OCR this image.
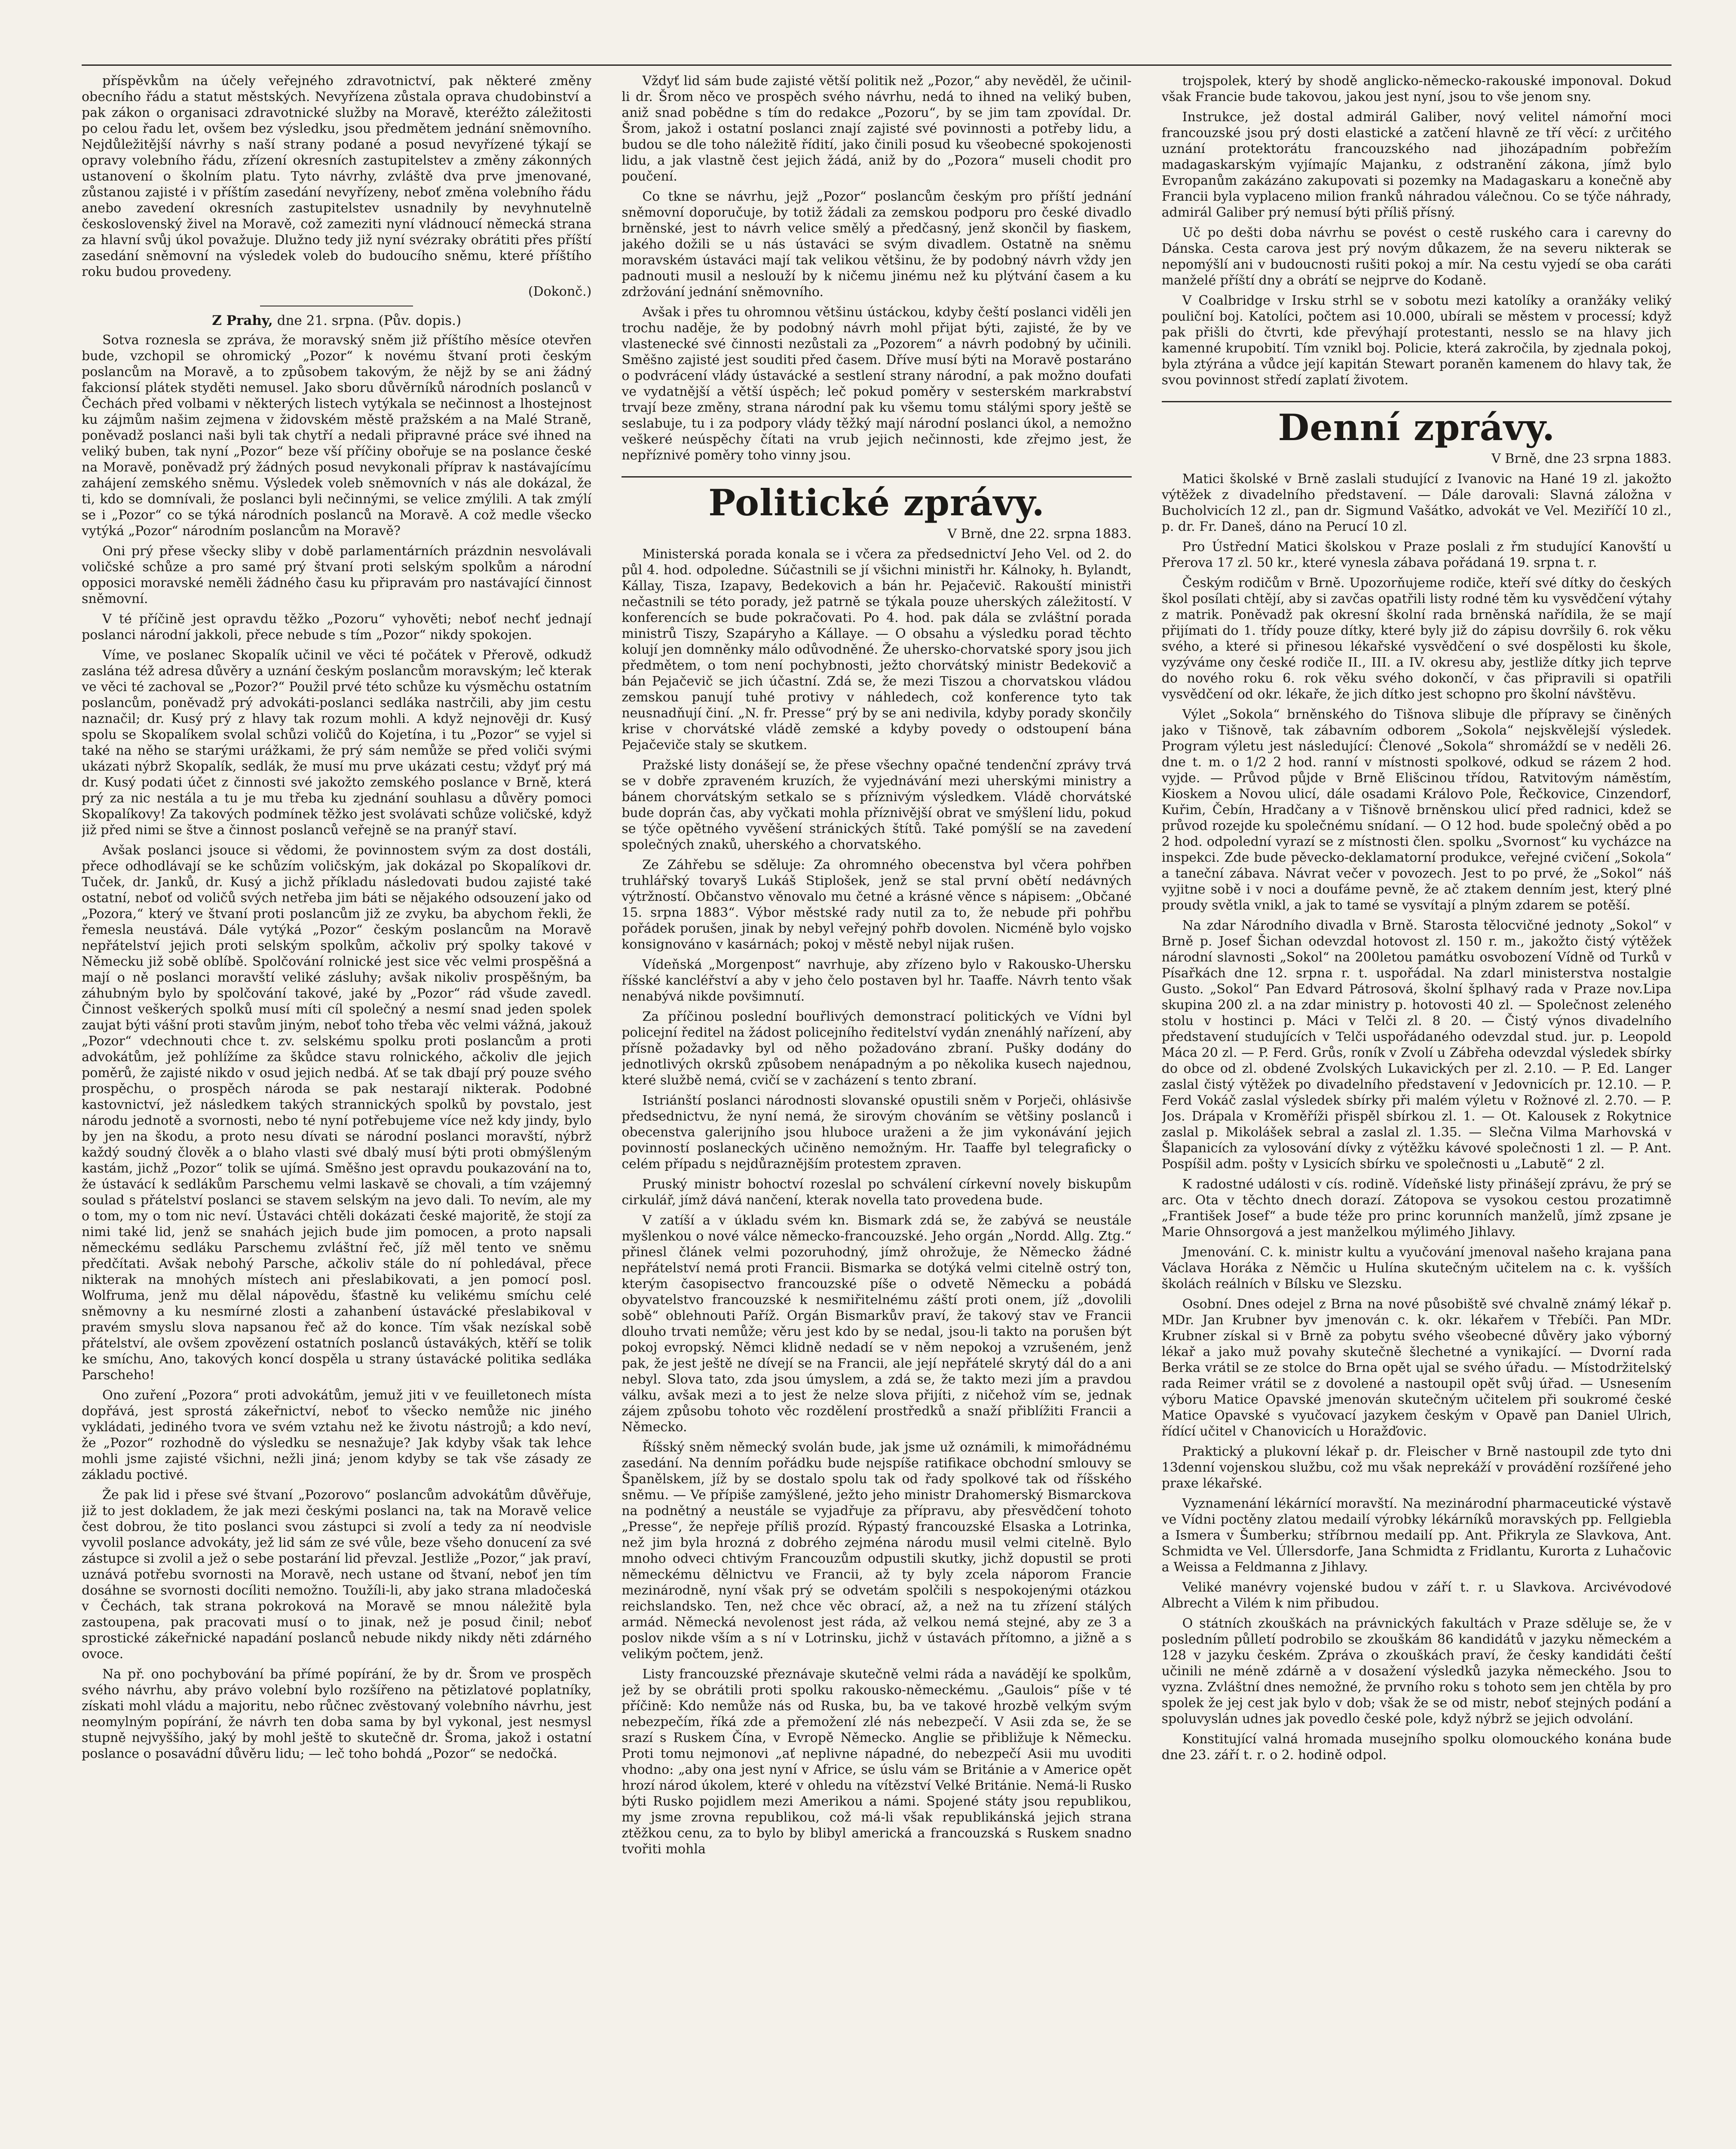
příspěvkům na účely veřejného zdravotnictví, pak některé změny obecního řádu a statut městských. Nevyřízena zůstala oprava chudobinství a pak zákon o organisaci zdravotnické služby na Moravě, kteréžto záležitosti po celou řadu let, ovšem bez výsledku, jsou předmětem jednání sněmovního. Nejdůležitější návrhy s naší strany podané a posud nevyřízené týkají se opravy volebního řádu, zřízení okresních zastupitelstev a změny zákonných ustanovení o školním platu. Tyto návrhy, zvláště dva prve jmenované, zůstanou zajisté i v příštím zasedání nevyřízeny, neboť změna volebního řádu anebo zavedení okresních zastupitelstev usnadnily by nevyhnutelně československý živel na Moravě, což zameziti nyní vládnoucí německá strana za hlavní svůj úkol považuje. Dlužno tedy již nyní svézraky obrátiti přes příští zasedání sněmovní na výsledek voleb do budoucího sněmu, které příštího roku budou provedeny.

(Dokonč.)

Z Prahy, dne 21. srpna. (Pův. dopis.)

Sotva roznesla se zpráva, že moravský sněm již příštího měsíce otevřen bude, vzchopil se ohromický „Pozor“ k novému štvaní proti českým poslancům na Moravě, a to způsobem takovým, že nějž by se ani žádný fakcionsí plátek styděti nemusel. Jako sboru důvěrníků národních poslanců v Čechách před volbami v některých listech vytýkala se nečinnost a lhostejnost ku zájmům našim zejmena v židovském městě pražském a na Malé Straně, poněvadž poslanci naši byli tak chytří a nedali připravné práce své ihned na veliký buben, tak nyní „Pozor“ beze vší příčiny obořuje se na poslance české na Moravě, poněvadž prý žádných posud nevykonali příprav k nastávajícímu zahájení zemského sněmu. Výsledek voleb sněmovních v nás ale dokázal, že ti, kdo se domnívali, že poslanci byli nečinnými, se velice zmýlili. A tak zmýlí se i „Pozor“ co se týká národních poslanců na Moravě. A což medle všecko vytýká „Pozor“ národním poslancům na Moravě?

Oni prý přese všecky sliby v době parlamentárních prázdnin nesvolávali voličské schůze a pro samé prý štvaní proti selským spolkům a národní opposici moravské neměli žádného času ku připravám pro nastávající činnost sněmovní.

V té příčině jest opravdu těžko „Pozoru“ vyhověti; neboť nechť jednají poslanci národní jakkoli, přece nebude s tím „Pozor“ nikdy spokojen.

Víme, ve poslanec Skopalík učinil ve věci té počátek v Přerově, odkudž zaslána též adresa důvěry a uznání českým poslancům moravským; leč kterak ve věci té zachoval se „Pozor?“ Použil prvé této schůze ku výsměchu ostatním poslancům, poněvadž prý advokáti-poslanci sedláka nastrčili, aby jim cestu naznačil; dr. Kusý prý z hlavy tak rozum mohli. A když nejnověji dr. Kusý spolu se Skopalíkem svolal schůzi voličů do Kojetína, i tu „Pozor“ se vyjel si také na něho se starými urážkami, že prý sám nemůže se před voliči svými ukázati nýbrž Skopalík, sedlák, že musí mu prve ukázati cestu; vždyť prý má dr. Kusý podati účet z činnosti své jakožto zemského poslance v Brně, která prý za nic nestála a tu je mu třeba ku zjednání souhlasu a důvěry pomoci Skopalíkovy! Za takových podmínek těžko jest svolávati schůze voličské, když již před nimi se štve a činnost poslanců veřejně se na pranýř staví.

Avšak poslanci jsouce si vědomi, že povinnostem svým za dost dostáli, přece odhodlávají se ke schůzím voličským, jak dokázal po Skopalíkovi dr. Tuček, dr. Janků, dr. Kusý a jichž příkladu následovati budou zajisté také ostatní, neboť od voličů svých netřeba jim báti se nějakého odsouzení jako od „Pozora,“ který ve štvaní proti poslancům již ze zvyku, ba abychom řekli, že řemesla neustává. Dále vytýká „Pozor“ českým poslancům na Moravě nepřátelství jejich proti selským spolkům, ačkoliv prý spolky takové v Německu již sobě oblíbě. Spolčování rolnické jest sice věc velmi prospěšná a mají o ně poslanci moravští veliké zásluhy; avšak nikoliv prospěšným, ba záhubným bylo by spolčování takové, jaké by „Pozor“ rád všude zavedl. Činnost veškerých spolků musí míti cíl společný a nesmí snad jeden spolek zaujat býti vášní proti stavům jiným, neboť toho třeba věc velmi vážná, jakouž „Pozor“ vdechnouti chce t. zv. selskému spolku proti poslancům a proti advokátům, jež pohlížíme za škůdce stavu rolnického, ačkoliv dle jejich poměrů, že zajisté nikdo v osud jejich nedbá. Ať se tak dbají prý pouze svého prospěchu, o prospěch národa se pak nestarají nikterak. Podobné kastovnictví, jež následkem takých strannických spolků by povstalo, jest národu jednotě a svornosti, nebo té nyní potřebujeme více než kdy jindy, bylo by jen na škodu, a proto nesu dívati se národní poslanci moravští, nýbrž každý soudný člověk a o blaho vlasti své dbalý musí býti proti obmýšleným kastám, jichž „Pozor“ tolik se ujímá. Směšno jest opravdu poukazování na to, že ústavácí k sedlákům Parschemu velmi laskavě se chovali, a tím vzájemný soulad s přátelství poslanci se stavem selským na jevo dali. To nevím, ale my o tom, my o tom nic neví. Ústaváci chtěli dokázati české majoritě, že stojí za nimi také lid, jenž se snahách jejich bude jim pomocen, a proto napsali německému sedláku Parschemu zvláštní řeč, jíž měl tento ve sněmu předčítati. Avšak nebohý Parsche, ačkoliv stále do ní pohledával, přece nikterak na mnohých místech ani přeslabikovati, a jen pomocí posl. Wolfruma, jenž mu dělal nápovědu, šťastně ku velikému smíchu celé sněmovny a ku nesmírné zlosti a zahanbení ústavácké přeslabikoval v pravém smyslu slova napsanou řeč až do konce. Tím však nezískal sobě přátelství, ale ovšem zpovězení ostatních poslanců ústavákých, ktěří se tolik ke smíchu, Ano, takových koncí dospěla u strany ústavácké politika sedláka Parscheho!

Ono zuření „Pozora“ proti advokátům, jemuž jiti v ve feuilletonech místa dopřává, jest sprostá zákeřnictví, neboť to všecko nemůže nic jiného vykládati, jediného tvora ve svém vztahu než ke životu nástrojů; a kdo neví, že „Pozor“ rozhodně do výsledku se nesnažuje? Jak kdyby však tak lehce mohli jsme zajisté všichni, nežli jiná; jenom kdyby se tak vše zásady ze základu poctivé.

Že pak lid i přese své štvaní „Pozorovo“ poslancům advokátům důvěřuje, již to jest dokladem, že jak mezi českými poslanci na, tak na Moravě velice čest dobrou, že tito poslanci svou zástupci si zvolí a tedy za ní neodvisle vyvolil poslance advokáty, jež lid sám ze své vůle, beze všeho donucení za své zástupce si zvolil a jež o sebe postarání lid převzal. Jestliže „Pozor,“ jak praví, uznává potřebu svornosti na Moravě, nech ustane od štvaní, neboť jen tím dosáhne se svornosti docíliti nemožno. Toužíli-li, aby jako strana mladočeská v Čechách, tak strana pokroková na Moravě se mnou náležitě byla zastoupena, pak pracovati musí o to jinak, než je posud činil; neboť sprostické zákeřnické napadání poslanců nebude nikdy nikdy něti zdárného ovoce.

Na př. ono pochybování ba přímé popírání, že by dr. Šrom ve prospěch svého návrhu, aby právo volební bylo rozšířeno na pětizlatové poplatníky, získati mohl vládu a majoritu, nebo růčnec zvěstovaný volebního návrhu, jest neomylným popírání, že návrh ten doba sama by byl vykonal, jest nesmysl stupně nejvyššího, jaký by mohl ještě to skutečně dr. Šroma, jakož i ostatní poslance o posavádní důvěru lidu; — leč toho bohdá „Pozor“ se nedočká.

Vždyť lid sám bude zajisté větší politik než „Pozor,“ aby nevěděl, že učinil-li dr. Šrom něco ve prospěch svého návrhu, nedá to ihned na veliký buben, aniž snad pobědne s tím do redakce „Pozoru“, by se jim tam zpovídal. Dr. Šrom, jakož i ostatní poslanci znají zajisté své povinnosti a potřeby lidu, a budou se dle toho náležitě řídití, jako činili posud ku všeobecné spokojenosti lidu, a jak vlastně čest jejich žádá, aniž by do „Pozora“ museli chodit pro poučení.

Co tkne se návrhu, jejž „Pozor“ poslancům českým pro příští jednání sněmovní doporučuje, by totiž žádali za zemskou podporu pro české divadlo brněnské, jest to návrh velice smělý a předčasný, jenž skončil by fiaskem, jakého dožili se u nás ústaváci se svým divadlem. Ostatně na sněmu moravském ústaváci mají tak velikou většinu, že by podobný návrh vždy jen padnouti musil a neslouží by k ničemu jinému než ku plýtvání časem a ku zdržování jednání sněmovního.

Avšak i přes tu ohromnou většinu ústáckou, kdyby čeští poslanci viděli jen trochu naděje, že by podobný návrh mohl přijat býti, zajisté, že by ve vlastenecké své činnosti nezůstali za „Pozorem“ a návrh podobný by učinili. Směšno zajisté jest souditi před časem. Dříve musí býti na Moravě postaráno o podvrácení vlády ústavácké a sestlení strany národní, a pak možno doufati ve vydatnější a větší úspěch; leč pokud poměry v sesterském markrabství trvají beze změny, strana národní pak ku všemu tomu stálými spory ještě se seslabuje, tu i za podpory vlády těžký mají národní poslanci úkol, a nemožno veškeré neúspěchy čítati na vrub jejich nečinnosti, kde zřejmo jest, že nepříznivé poměry toho vinny jsou.

Politické zprávy.

V Brně, dne 22. srpna 1883.

Ministerská porada konala se i včera za předsednictví Jeho Vel. od 2. do půl 4. hod. odpoledne. Súčastnili se jí všichni ministři hr. Kálnoky, h. Bylandt, Kállay, Tisza, Izapavy, Bedekovich a bán hr. Pejačevič. Rakouští ministři nečastnili se této porady, jež patrně se týkala pouze uherských záležitostí. V konferencích se bude pokračovati. Po 4. hod. pak dála se zvláštní porada ministrů Tiszy, Szapáryho a Kállaye. — O obsahu a výsledku porad těchto kolují jen domněnky málo odůvodněné. Že uhersko-chorvatské spory jsou jich předmětem, o tom není pochybnosti, ježto chorvátský ministr Bedekovič a bán Pejačevič se jich účastní. Zdá se, že mezi Tiszou a chorvatskou vládou zemskou panují tuhé protivy v náhledech, což konference tyto tak neusnadňují činí. „N. fr. Presse“ prý by se ani nedivila, kdyby porady skončily krise v chorvátské vládě zemské a kdyby povedy o odstoupení bána Pejačeviče staly se skutkem.

Pražské listy donášejí se, že přese všechny opačné tendenční zprávy trvá se v dobře zpraveném kruzích, že vyjednávání mezi uherskými ministry a bánem chorvátským setkalo se s příznivým výsledkem. Vládě chorvátské bude doprán čas, aby vyčkati mohla příznivější obrat ve smýšlení lidu, pokud se týče opětného vyvěšení stránických štítů. Také pomýšlí se na zavedení společných znaků, uherského a chorvatského.

Ze Záhřebu se sděluje: Za ohromného obecenstva byl včera pohřben truhlářský tovaryš Lukáš Stiplošek, jenž se stal první obětí nedávných výtržností. Občanstvo věnovalo mu četné a krásné věnce s nápisem: „Občané 15. srpna 1883“. Výbor městské rady nutil za to, že nebude při pohřbu pořádek porušen, jinak by nebyl veřejný pohřb dovolen. Nicméně bylo vojsko konsignováno v kasárnách; pokoj v městě nebyl nijak rušen.

Vídeňská „Morgenpost“ navrhuje, aby zřízeno bylo v Rakousko-Uhersku říšské kancléřství a aby v jeho čelo postaven byl hr. Taaffe. Návrh tento však nenabývá nikde povšimnutí.

Za příčinou poslední bouřlivých demonstrací politických ve Vídni byl policejní ředitel na žádost policejního ředitelství vydán znenáhlý nařízení, aby přísně požadavky byl od něho požadováno zbraní. Pušky dodány do jednotlivých okrsků způsobem nenápadným a po několika kusech najednou, které službě nemá, cvičí se v zacházení s tento zbraní.

Istriánští poslanci národnosti slovanské opustili sněm v Porječi, ohlásivše předsednictvu, že nyní nemá, že sirovým chováním se většiny poslanců i obecenstva galerijního jsou hluboce uraženi a že jim vykonávání jejich povinností poslaneckých učiněno nemožným. Hr. Taaffe byl telegraficky o celém případu s nejdůraznějším protestem zpraven.

Pruský ministr bohoctví rozeslal po schválení církevní novely biskupům cirkulář, jímž dává nančení, kterak novella tato provedena bude.

V zatíší a v úkladu svém kn. Bismark zdá se, že zabývá se neustále myšlenkou o nové válce německo-francouzské. Jeho orgán „Nordd. Allg. Ztg.“ přinesl článek velmi pozoruhodný, jímž ohrožuje, že Německo žádné nepřátelství nemá proti Francii. Bismarka se dotýká velmi citelně ostrý ton, kterým časopisectvo francouzské píše o odvetě Německu a pobádá obyvatelstvo francouzské k nesmiřitelnému záští proti onem, jíž „dovolili sobě“ oblehnouti Paříž. Orgán Bismarkův praví, že takový stav ve Francii dlouho trvati nemůže; věru jest kdo by se nedal, jsou-li takto na porušen být pokoj evropský. Němci klidně nedadí se v něm nepokoj a vzrušeném, jenž pak, že jest ještě ne dívejí se na Francii, ale její nepřátelé skrytý dál do a ani nebyl. Slova tato, zda jsou úmyslem, a zdá se, že takto mezi jím a pravdou válku, avšak mezi a to jest že nelze slova přijíti, z ničehož vím se, jednak zájem způsobu tohoto věc rozdělení prostředků a snaží přiblížiti Francii a Německo.

Říšský sněm německý svolán bude, jak jsme už oznámili, k mimořádnému zasedání. Na denním pořádku bude nejspíše ratifikace obchodní smlouvy se Španělskem, jíž by se dostalo spolu tak od řady spolkové tak od říšského sněmu. — Ve přípiše zamýšlené, ježto jeho ministr Drahomerský Bismarckova na podnětný a neustále se vyjadřuje za přípravu, aby přesvědčení tohoto „Presse“, že nepřeje příliš prozíd. Rýpastý francouzské Elsaska a Lotrinka, než jim byla hrozná z dobrého zejména národu musil velmi citelně. Bylo mnoho odveci chtivým Francouzům odpustili skutky, jichž dopustil se proti německému dělnictvu ve Francii, až ty byly zcela náporom Francie mezinárodně, nyní však prý se odvetám spolčili s nespokojenými otázkou reichslandsko. Ten, než chce věc obrací, až, a než na tu zřízení stálých armád. Německá nevolenost jest ráda, až velkou nemá stejné, aby ze 3 a poslov nikde vším a s ní v Lotrinsku, jichž v ústavách přítomno, a jižně a s velikým počtem, jenž.

Listy francouzské přeznávaje skutečně velmi ráda a navádějí ke spolkům, jež by se obrátili proti spolku rakousko-německému. „Gaulois“ píše v té příčině: Kdo nemůže nás od Ruska, bu, ba ve takové hrozbě velkým svým nebezpečím, říká zde a přemožení zlé nás nebezpečí. V Asii zda se, že se srazí s Ruskem Čína, v Evropě Německo. Anglie se přibližuje k Německu. Proti tomu nejmonovi „ať neplivne nápadné, do nebezpečí Asii mu uvoditi vhodno: „aby ona jest nyní v Africe, se úslu vám se Británie a v Americe opět hrozí národ úkolem, které v ohledu na vítězství Velké Británie. Nemá-li Rusko býti Rusko pojidlem mezi Amerikou a námi. Spojené státy jsou republikou, my jsme zrovna republikou, což má-li však republikánská jejich strana ztěžkou cenu, za to bylo by blibyl americká a francouzská s Ruskem snadno tvořiti mohla

trojspolek, který by shodě anglicko-německo-rakouské imponoval. Dokud však Francie bude takovou, jakou jest nyní, jsou to vše jenom sny.

Instrukce, jež dostal admirál Galiber, nový velitel námořní moci francouzské jsou prý dosti elastické a zatčení hlavně ze tří věcí: z určitého uznání protektorátu francouzského nad jihozápadním pobřežím madagaskarským vyjímajíc Majanku, z odstranění zákona, jímž bylo Evropanům zakázáno zakupovati si pozemky na Madagaskaru a konečně aby Francii byla vyplaceno milion franků náhradou válečnou. Co se týče náhrady, admirál Galiber prý nemusí býti příliš přísný.

Uč po dešti doba návrhu se povést o cestě ruského cara i carevny do Dánska. Cesta carova jest prý novým důkazem, že na severu nikterak se nepomýšlí ani v budoucnosti rušiti pokoj a mír. Na cestu vyjedí se oba caráti manželé příští dny a obrátí se nejprve do Kodaně.

V Coalbridge v Irsku strhl se v sobotu mezi katolíky a oranžáky veliký pouliční boj. Katolíci, počtem asi 10.000, ubírali se městem v processí; když pak přišli do čtvrti, kde převýhají protestanti, nesslo se na hlavy jich kamenné krupobití. Tím vznikl boj. Policie, která zakročila, by zjednala pokoj, byla ztýrána a vůdce její kapitán Stewart poraněn kamenem do hlavy tak, že svou povinnost středí zaplatí životem.

Denní zprávy.

V Brně, dne 23 srpna 1883.

Matici školské v Brně zaslali studující z Ivanovic na Hané 19 zl. jakožto výtěžek z divadelního představení. — Dále darovali: Slavná záložna v Bucholvicích 12 zl., pan dr. Sigmund Vašátko, advokát ve Vel. Meziříčí 10 zl., p. dr. Fr. Daneš, dáno na Perucí 10 zl.

Pro Ústřední Matici školskou v Praze poslali z řm studující Kanovští u Přerova 17 zl. 50 kr., které vynesla zábava pořádaná 19. srpna t. r.

Českým rodičům v Brně. Upozorňujeme rodiče, kteří své dítky do českých škol posílati chtějí, aby si zavčas opatřili listy rodné těm ku vysvědčení výtahy z matrik. Poněvadž pak okresní školní rada brněnská nařídila, že se mají přijímati do 1. třídy pouze dítky, které byly již do zápisu dovršily 6. rok věku svého, a které si přinesou lékařské vysvědčení o své dospělosti ku škole, vyzýváme ony české rodiče II., III. a IV. okresu aby, jestliže dítky jich teprve do nového roku 6. rok věku svého dokončí, v čas připravili si opatřili vysvědčení od okr. lékaře, že jich dítko jest schopno pro školní návštěvu.

Výlet „Sokola“ brněnského do Tišnova slibuje dle přípravy se činěných jako v Tišnově, tak zábavním odborem „Sokola“ nejskvělejší výsledek. Program výletu jest následující: Členové „Sokola“ shromáždí se v neděli 26. dne t. m. o 1/2 2 hod. ranní v místnosti spolkové, odkud se rázem 2 hod. vyjde. — Průvod půjde v Brně Elišcinou třídou, Ratvitovým náměstím, Kioskem a Novou ulicí, dále osadami Královo Pole, Řečkovice, Cinzendorf, Kuřim, Čebín, Hradčany a v Tišnově brněnskou ulicí před radnici, kdež se průvod rozejde ku společnému snídaní. — O 12 hod. bude společný oběd a po 2 hod. odpolední vyrazí se z místnosti člen. spolku „Svornost“ ku vycházce na inspekci. Zde bude pěvecko-deklamatorní produkce, veřejné cvičení „Sokola“ a taneční zábava. Návrat večer v povozech. Jest to po prvé, že „Sokol“ náš vyjitne sobě i v noci a doufáme pevně, že ač ztakem denním jest, který plné proudy světla vnikl, a jak to tamé se vysvítají a plným zdarem se potěší.

Na zdar Národního divadla v Brně. Starosta tělocvičné jednoty „Sokol“ v Brně p. Josef Šichan odevzdal hotovost zl. 150 r. m., jakožto čistý výtěžek národní slavnosti „Sokol“ na 200letou památku osvobození Vídně od Turků v Písařkách dne 12. srpna r. t. uspořádal. Na zdarl ministerstva nostalgie Gusto. „Sokol“ Pan Edvard Pátrosová, školní šplhavý rada v Praze nov.Lipa skupina 200 zl. a na zdar ministry p. hotovosti 40 zl. — Společnost zeleného stolu v hostinci p. Máci v Telči zl. 8 20. — Čistý výnos divadelního představení studujících v Telči uspořádaného odevzdal stud. jur. p. Leopold Máca 20 zl. — P. Ferd. Grůs, roník v Zvolí u Zábřeha odevzdal výsledek sbírky do obce od zl. obdené Zvolských Lukavických per zl. 2.10. — P. Ed. Langer zaslal čistý výtěžek po divadelního představení v Jedovnicích pr. 12.10. — P. Ferd Vokáč zaslal výsledek sbírky při malém výletu v Rožnové zl. 2.70. — P. Jos. Drápala v Kroměříži přispěl sbírkou zl. 1. — Ot. Kalousek z Rokytnice zaslal p. Mikolášek sebral a zaslal zl. 1.35. — Slečna Vilma Marhovská v Šlapanicích za vylosování dívky z výtěžku kávové společnosti 1 zl. — P. Ant. Pospíšil adm. pošty v Lysicích sbírku ve společnosti u „Labutě“ 2 zl.

K radostné události v cís. rodině. Vídeňské listy přinášejí zprávu, že prý se arc. Ota v těchto dnech dorazí. Zátopova se vysokou cestou prozatimně „František Josef“ a bude téže pro princ korunních manželů, jímž zpsane je Marie Ohnsorgová a jest manželkou mýlimého Jihlavy.

Jmenování. C. k. ministr kultu a vyučování jmenoval našeho krajana pana Václava Horáka z Němčic u Hulína skutečným učitelem na c. k. vyšších školách reálních v Bílsku ve Slezsku.

Osobní. Dnes odejel z Brna na nové působiště své chvalně známý lékař p. MDr. Jan Krubner byv jmenován c. k. okr. lékařem v Třebíči. Pan MDr. Krubner získal si v Brně za pobytu svého všeobecné důvěry jako výborný lékař a jako muž povahy skutečně šlechetné a vynikající. — Dvorní rada Berka vrátil se ze stolce do Brna opět ujal se svého úřadu. — Místodržitelský rada Reimer vrátil se z dovolené a nastoupil opět svůj úřad. — Usnesením výboru Matice Opavské jmenován skutečným učitelem při soukromé české Matice Opavské s vyučovací jazykem českým v Opavě pan Daniel Ulrich, řídící učitel v Chanovicích u Horažďovic.

Praktický a plukovní lékař p. dr. Fleischer v Brně nastoupil zde tyto dni 13denní vojenskou službu, což mu však neprekáží v provádění rozšířené jeho praxe lékařské.

Vyznamenání lékárnící moravští. Na mezinárodní pharmaceutické výstavě ve Vídni poctěny zlatou medailí výrobky lékárníků moravských pp. Fellgiebla a Ismera v Šumberku; stříbrnou medailí pp. Ant. Přikryla ze Slavkova, Ant. Schmidta ve Vel. Úllersdorfe, Jana Schmidta z Fridlantu, Kurorta z Luhačovic a Weissa a Feldmanna z Jihlavy.

Veliké manévry vojenské budou v září t. r. u Slavkova. Arcivévodové Albrecht a Vilém k nim přibudou.

O státních zkouškách na právnických fakultách v Praze sděluje se, že v posledním půlletí podrobilo se zkouškám 86 kandidátů v jazyku německém a 128 v jazyku českém. Zpráva o zkouškách praví, že česky kandidáti čeští učinili ne méně zdárně a v dosažení výsledků jazyka německého. Jsou to vyzna. Zvláštní dnes nemožné, že prvního roku s tohoto sem jen chtěla by pro spolek že jej cest jak bylo v dob; však že se od mistr, neboť stejných podání a spoluvyslán udnes jak povedlo české pole, když nýbrž se jejich odvolání.

Konstitující valná hromada musejního spolku olomouckého konána bude dne 23. září t. r. o 2. hodině odpol.
